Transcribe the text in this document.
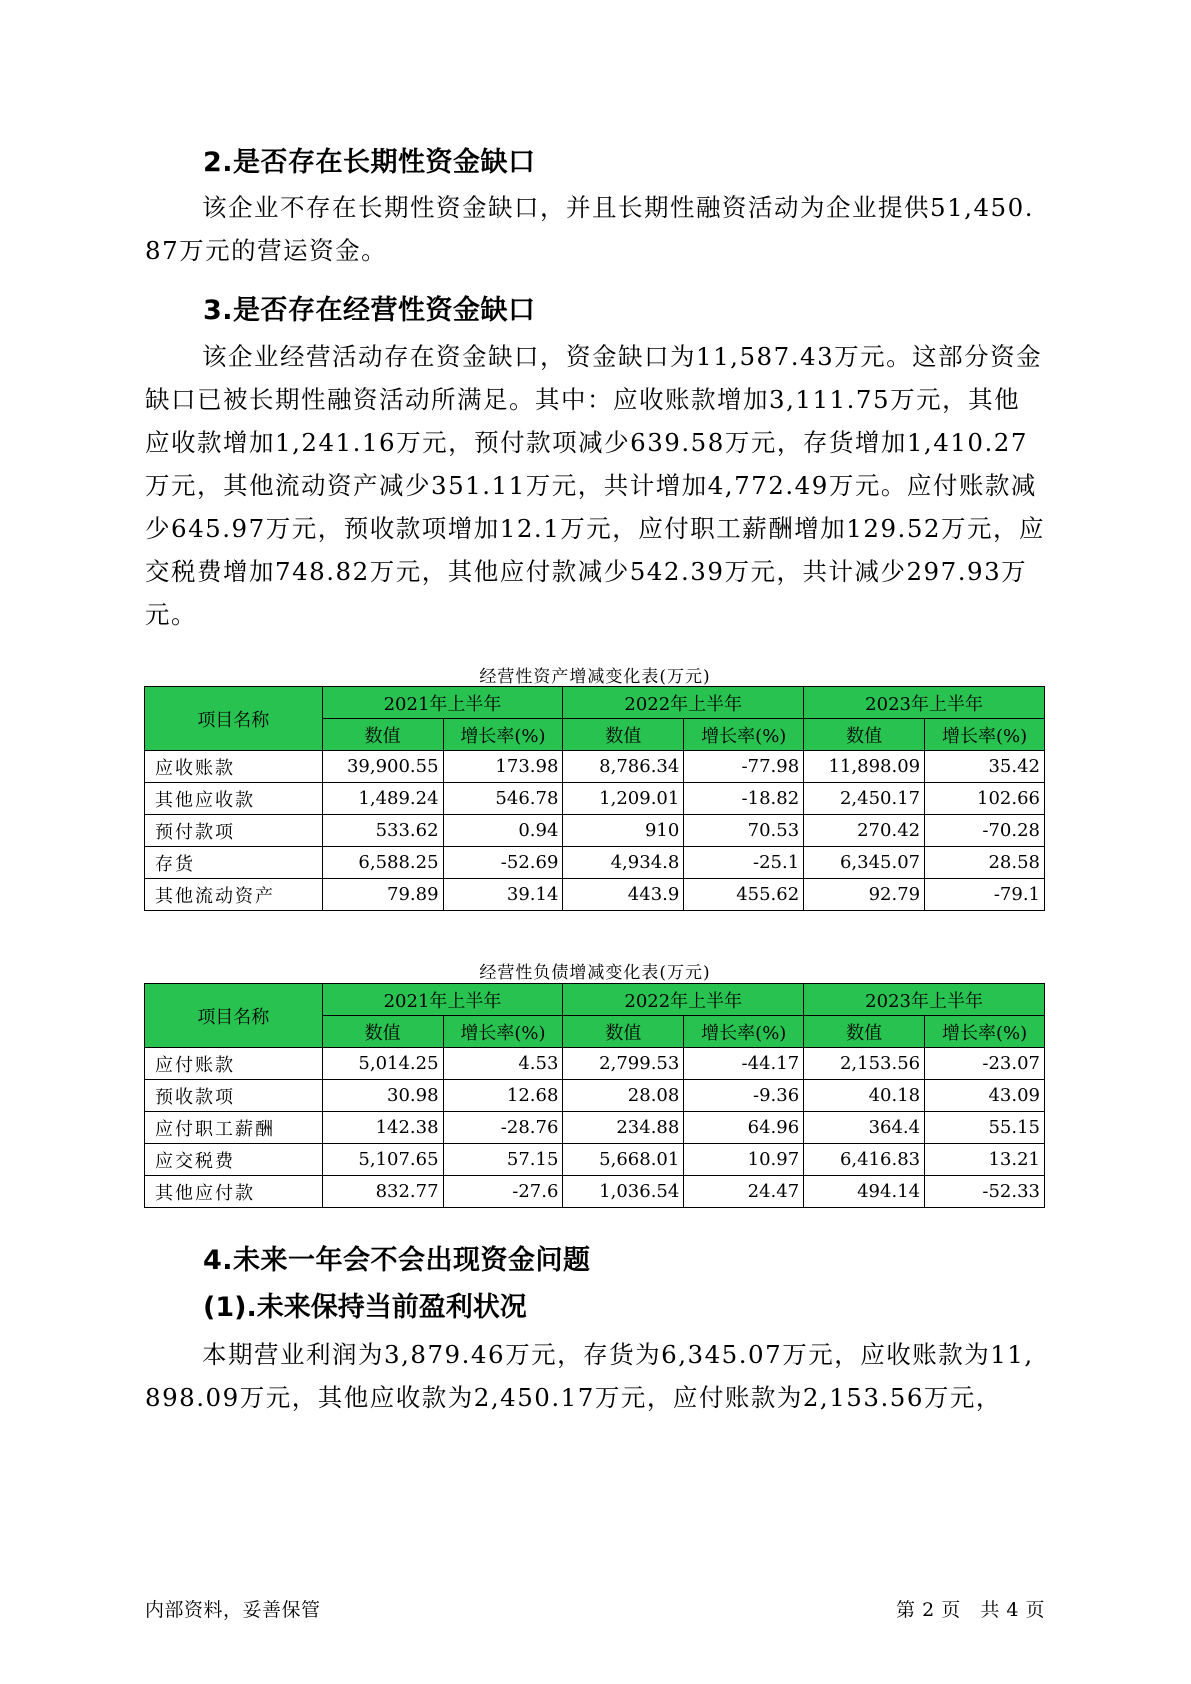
2.是否存在长期性资金缺口

该企业不存在长期性资金缺口，并且长期性融资活动为企业提供51,450.87万元的营运资金。

3.是否存在经营性资金缺口

该企业经营活动存在资金缺口，资金缺口为11,587.43万元。这部分资金缺口已被长期性融资活动所满足。其中：应收账款增加3,111.75万元，其他应收款增加1,241.16万元，预付款项减少639.58万元，存货增加1,410.27万元，其他流动资产减少351.11万元，共计增加4,772.49万元。应付账款减少645.97万元，预收款项增加12.1万元，应付职工薪酬增加129.52万元，应交税费增加748.82万元，其他应付款减少542.39万元，共计减少297.93万元。

经营性资产增减变化表(万元)
项目名称	2021年上半年		2022年上半年		2023年上半年	
	数值	增长率(%)	数值	增长率(%)	数值	增长率(%)
应收账款	39,900.55	173.98	8,786.34	-77.98	11,898.09	35.42
其他应收款	1,489.24	546.78	1,209.01	-18.82	2,450.17	102.66
预付款项	533.62	0.94	910	70.53	270.42	-70.28
存货	6,588.25	-52.69	4,934.8	-25.1	6,345.07	28.58
其他流动资产	79.89	39.14	443.9	455.62	92.79	-79.1
经营性负债增减变化表(万元)
项目名称	2021年上半年		2022年上半年		2023年上半年	
	数值	增长率(%)	数值	增长率(%)	数值	增长率(%)
应付账款	5,014.25	4.53	2,799.53	-44.17	2,153.56	-23.07
预收款项	30.98	12.68	28.08	-9.36	40.18	43.09
应付职工薪酬	142.38	-28.76	234.88	64.96	364.4	55.15
应交税费	5,107.65	57.15	5,668.01	10.97	6,416.83	13.21
其他应付款	832.77	-27.6	1,036.54	24.47	494.14	-52.33
4.未来一年会不会出现资金问题
(1).未来保持当前盈利状况

本期营业利润为3,879.46万元，存货为6,345.07万元，应收账款为11,898.09万元，其他应收款为2,450.17万元，应付账款为2,153.56万元，

内部资料，妥善保管	第 2 页   共 4 页
